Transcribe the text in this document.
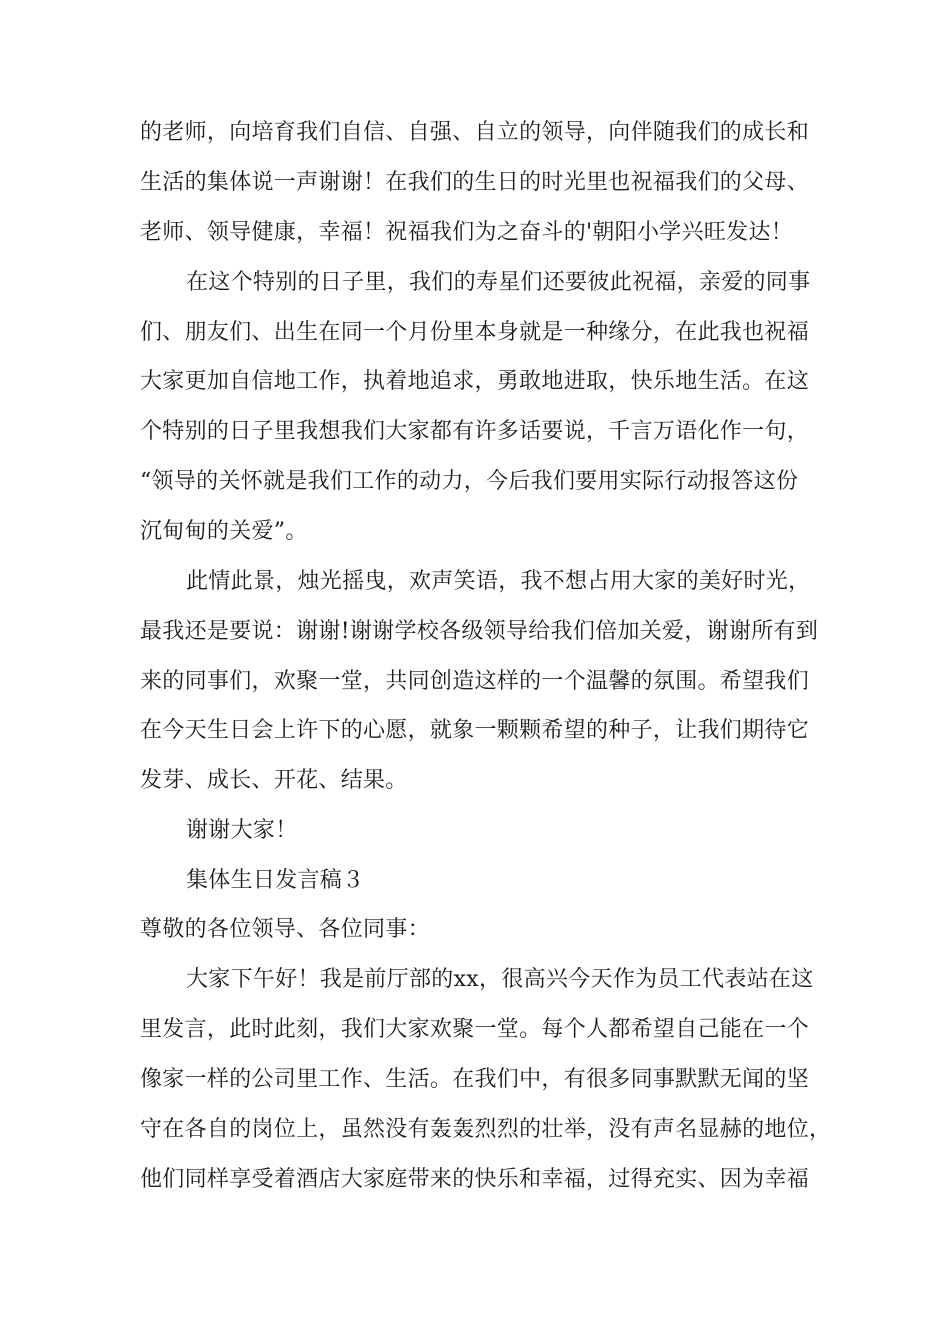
的老师，向培育我们自信、自强、自立的领导，向伴随我们的成长和
生活的集体说一声谢谢！在我们的生日的时光里也祝福我们的父母、
老师、领导健康，幸福！祝福我们为之奋斗的'朝阳小学兴旺发达！
在这个特别的日子里，我们的寿星们还要彼此祝福，亲爱的同事
们、朋友们、出生在同一个月份里本身就是一种缘分，在此我也祝福
大家更加自信地工作，执着地追求，勇敢地进取，快乐地生活。在这
个特别的日子里我想我们大家都有许多话要说，千言万语化作一句，
“领导的关怀就是我们工作的动力，今后我们要用实际行动报答这份
沉甸甸的关爱”。
此情此景，烛光摇曳，欢声笑语，我不想占用大家的美好时光，
最我还是要说：谢谢!谢谢学校各级领导给我们倍加关爱，谢谢所有到
来的同事们，欢聚一堂，共同创造这样的一个温馨的氛围。希望我们
在今天生日会上许下的心愿，就象一颗颗希望的种子，让我们期待它
发芽、成长、开花、结果。
谢谢大家！
集体生日发言稿３
尊敬的各位领导、各位同事：
大家下午好！我是前厅部的xx，很高兴今天作为员工代表站在这
里发言，此时此刻，我们大家欢聚一堂。每个人都希望自己能在一个
像家一样的公司里工作、生活。在我们中，有很多同事默默无闻的坚
守在各自的岗位上，虽然没有轰轰烈烈的壮举，没有声名显赫的地位，
他们同样享受着酒店大家庭带来的快乐和幸福，过得充实、因为幸福
